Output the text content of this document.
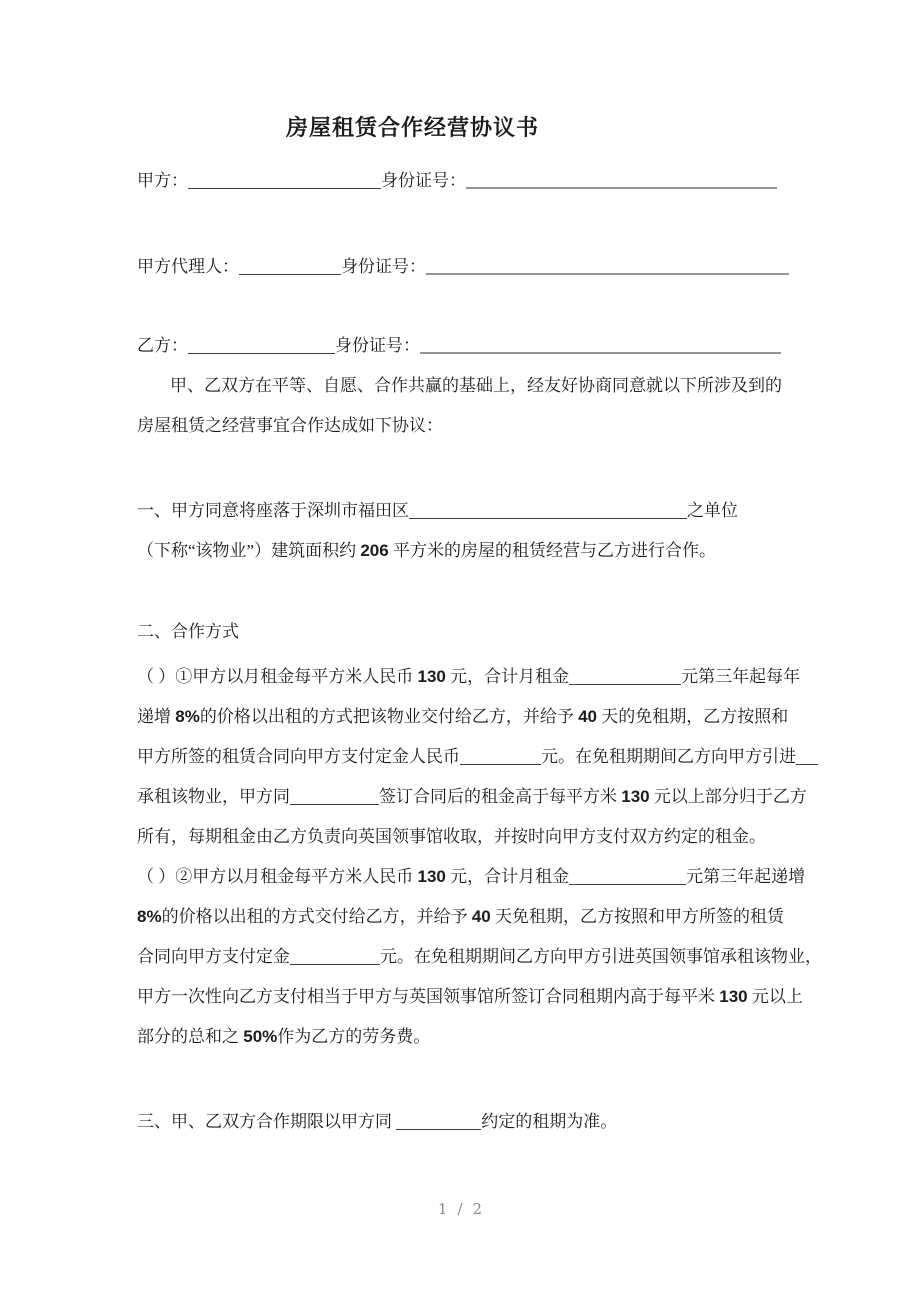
房屋租赁合作经营协议书
甲方：	身份证号：
甲方代理人：	身份证号：
乙方：	身份证号：
甲、乙双方在平等、自愿、合作共赢的基础上，经友好协商同意就以下所涉及到的
房屋租赁之经营事宜合作达成如下协议：
一、甲方同意将座落于深圳市福田区	之单位
（下称“该物业”）建筑面积约 206 平方米的房屋的租赁经营与乙方进行合作。
二、合作方式
（ ）①甲方以月租金每平方米人民币 130 元，合计月租金	元第三年起每年
递增 8%的价格以出租的方式把该物业交付给乙方，并给予 40 天的免租期，乙方按照和
甲方所签的租赁合同向甲方支付定金人民币	元。在免租期期间乙方向甲方引进
承租该物业，甲方同	签订合同后的租金高于每平方米 130 元以上部分归于乙方
所有，每期租金由乙方负责向英国领事馆收取，并按时向甲方支付双方约定的租金。
（ ）②甲方以月租金每平方米人民币 130 元，合计月租金	元第三年起递增
8%的价格以出租的方式交付给乙方，并给予 40 天免租期，乙方按照和甲方所签的租赁
合同向甲方支付定金	元。在免租期期间乙方向甲方引进英国领事馆承租该物业，
甲方一次性向乙方支付相当于甲方与英国领事馆所签订合同租期内高于每平米 130 元以上
部分的总和之 50%作为乙方的劳务费。
三、甲、乙双方合作期限以甲方同	约定的租期为准。
1 / 2
